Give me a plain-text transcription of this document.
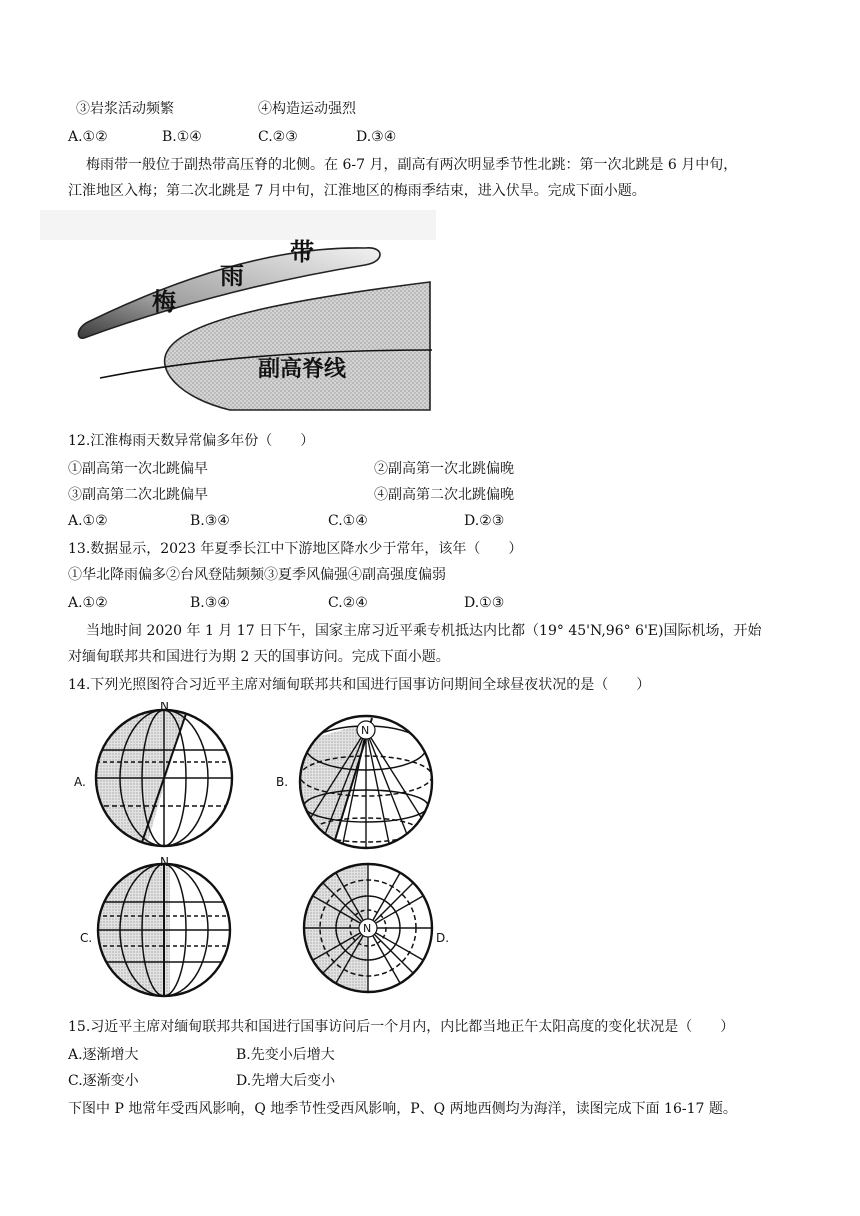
③岩浆活动频繁	④构造运动强烈
A.①②	B.①④	C.②③	D.③④
梅雨带一般位于副热带高压脊的北侧。在 6-7 月，副高有两次明显季节性北跳：第一次北跳是 6 月中旬，
江淮地区入梅；第二次北跳是 7 月中旬，江淮地区的梅雨季结束，进入伏旱。完成下面小题。
梅
雨
带
副高脊线
12.江淮梅雨天数异常偏多年份（　　）
①副高第一次北跳偏早	②副高第一次北跳偏晚
③副高第二次北跳偏早	④副高第二次北跳偏晚
A.①②	B.③④	C.①④	D.②③
13.数据显示，2023 年夏季长江中下游地区降水少于常年，该年（　　）
①华北降雨偏多②台风登陆频频③夏季风偏强④副高强度偏弱
A.①②	B.③④	C.②④	D.①③
当地时间 2020 年 1 月 17 日下午，国家主席习近平乘专机抵达内比都（19° 45'N,96° 6'E)国际机场，开始
对缅甸联邦共和国进行为期 2 天的国事访问。完成下面小题。
14.下列光照图符合习近平主席对缅甸联邦共和国进行国事访问期间全球昼夜状况的是（　　）
N
A.
N
B.
N
C.
N
D.
15.习近平主席对缅甸联邦共和国进行国事访问后一个月内，内比都当地正午太阳高度的变化状况是（　　）
A.逐渐增大	B.先变小后增大
C.逐渐变小	D.先增大后变小
下图中 P 地常年受西风影响，Q 地季节性受西风影响，P、Q 两地西侧均为海洋，读图完成下面 16-17 题。
